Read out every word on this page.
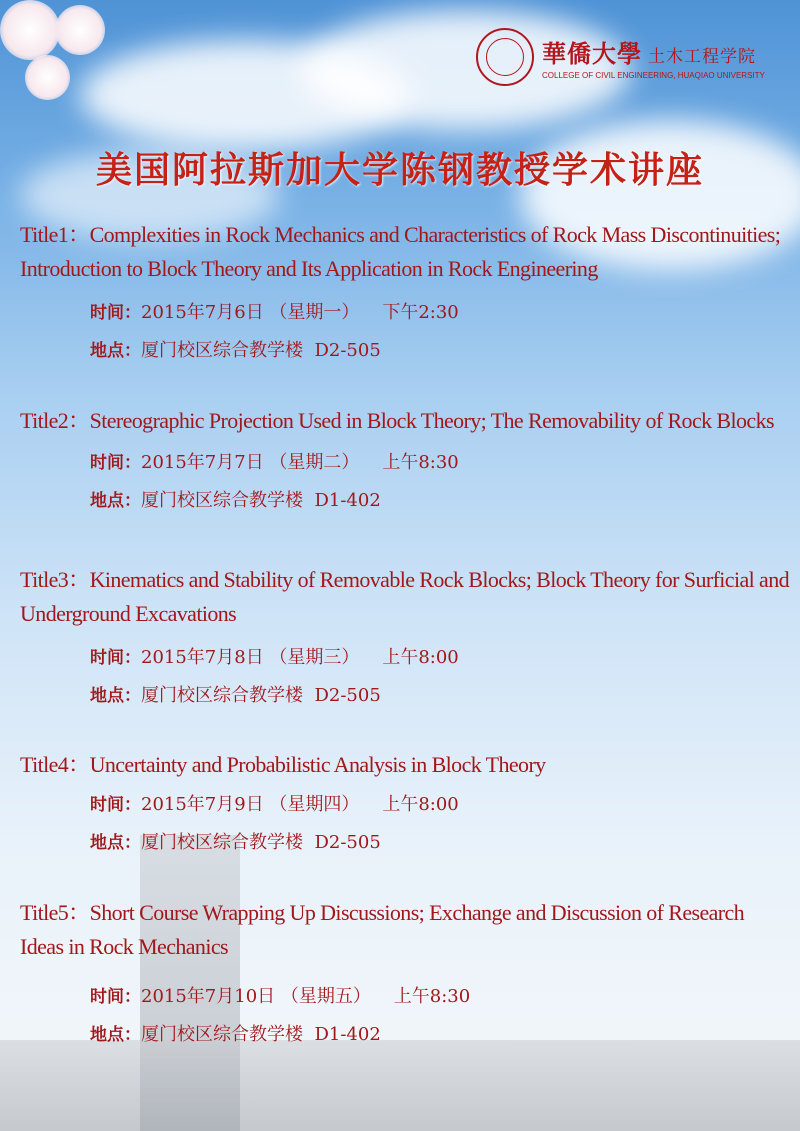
華僑大學 土木工程学院
COLLEGE OF CIVIL ENGINEERING, HUAQIAO UNIVERSITY
美国阿拉斯加大学陈钢教授学术讲座
Title1：Complexities in Rock Mechanics and Characteristics of Rock Mass Discontinuities; Introduction to Block Theory and Its Application in Rock Engineering
时间：2015年7月6日 （星期一）    下午2:30
地点：厦门校区综合教学楼  D2-505
Title2：Stereographic Projection Used in Block Theory; The Removability of Rock Blocks
时间：2015年7月7日 （星期二）    上午8:30
地点：厦门校区综合教学楼  D1-402
Title3：Kinematics and Stability of Removable Rock Blocks; Block Theory for Surficial and Underground Excavations
时间：2015年7月8日 （星期三）    上午8:00
地点：厦门校区综合教学楼  D2-505
Title4：Uncertainty and Probabilistic Analysis in Block Theory
时间：2015年7月9日 （星期四）    上午8:00
地点：厦门校区综合教学楼  D2-505
Title5：Short Course Wrapping Up Discussions; Exchange and Discussion of Research Ideas in Rock Mechanics
时间：2015年7月10日 （星期五）    上午8:30
地点：厦门校区综合教学楼  D1-402
